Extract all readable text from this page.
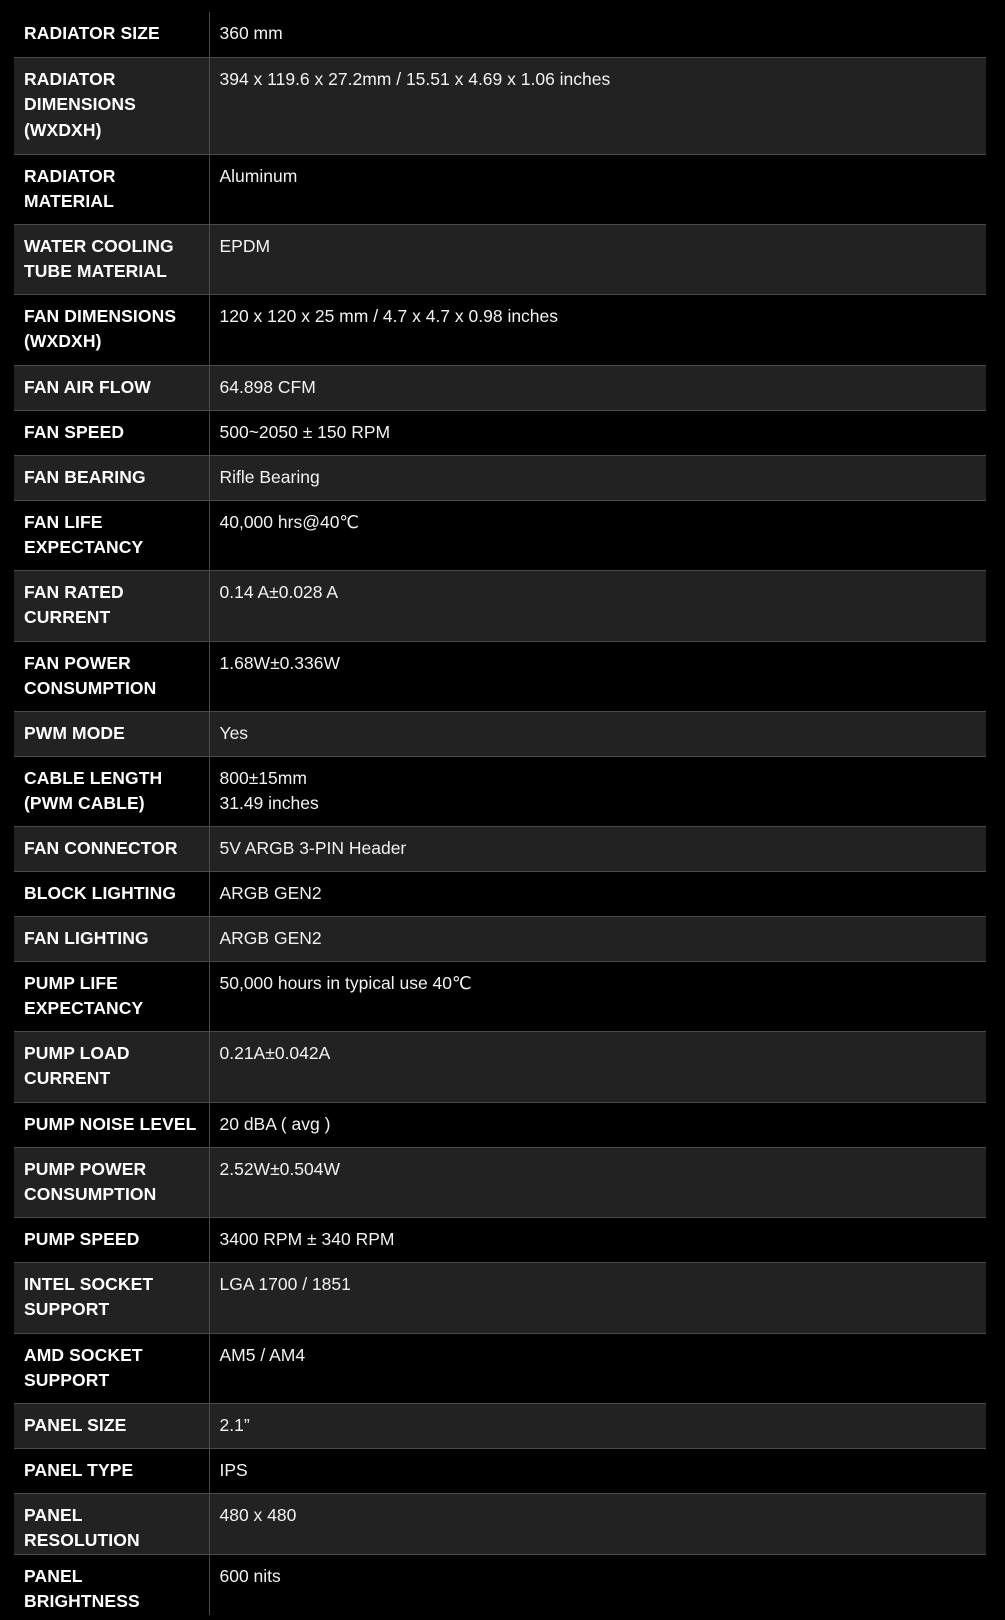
RADIATOR SIZE	360 mm
RADIATOR DIMENSIONS (WXDXH)	394 x 119.6 x 27.2mm / 15.51 x 4.69 x 1.06 inches
RADIATOR MATERIAL	Aluminum
WATER COOLING TUBE MATERIAL	EPDM
FAN DIMENSIONS (WXDXH)	120 x 120 x 25 mm / 4.7 x 4.7 x 0.98 inches
FAN AIR FLOW	64.898 CFM
FAN SPEED	500~2050 ± 150 RPM
FAN BEARING	Rifle Bearing
FAN LIFE EXPECTANCY	40,000 hrs@40℃
FAN RATED CURRENT	0.14 A±0.028 A
FAN POWER CONSUMPTION	1.68W±0.336W
PWM MODE	Yes
CABLE LENGTH (PWM CABLE)	800±15mm
31.49 inches
FAN CONNECTOR	5V ARGB 3-PIN Header
BLOCK LIGHTING	ARGB GEN2
FAN LIGHTING	ARGB GEN2
PUMP LIFE EXPECTANCY	50,000 hours in typical use 40℃
PUMP LOAD CURRENT	0.21A±0.042A
PUMP NOISE LEVEL	20 dBA ( avg )
PUMP POWER CONSUMPTION	2.52W±0.504W
PUMP SPEED	3400 RPM ± 340 RPM
INTEL SOCKET SUPPORT	LGA 1700 / 1851
AMD SOCKET SUPPORT	AM5 / AM4
PANEL SIZE	2.1”
PANEL TYPE	IPS
PANEL RESOLUTION	480 x 480
PANEL BRIGHTNESS	600 nits
